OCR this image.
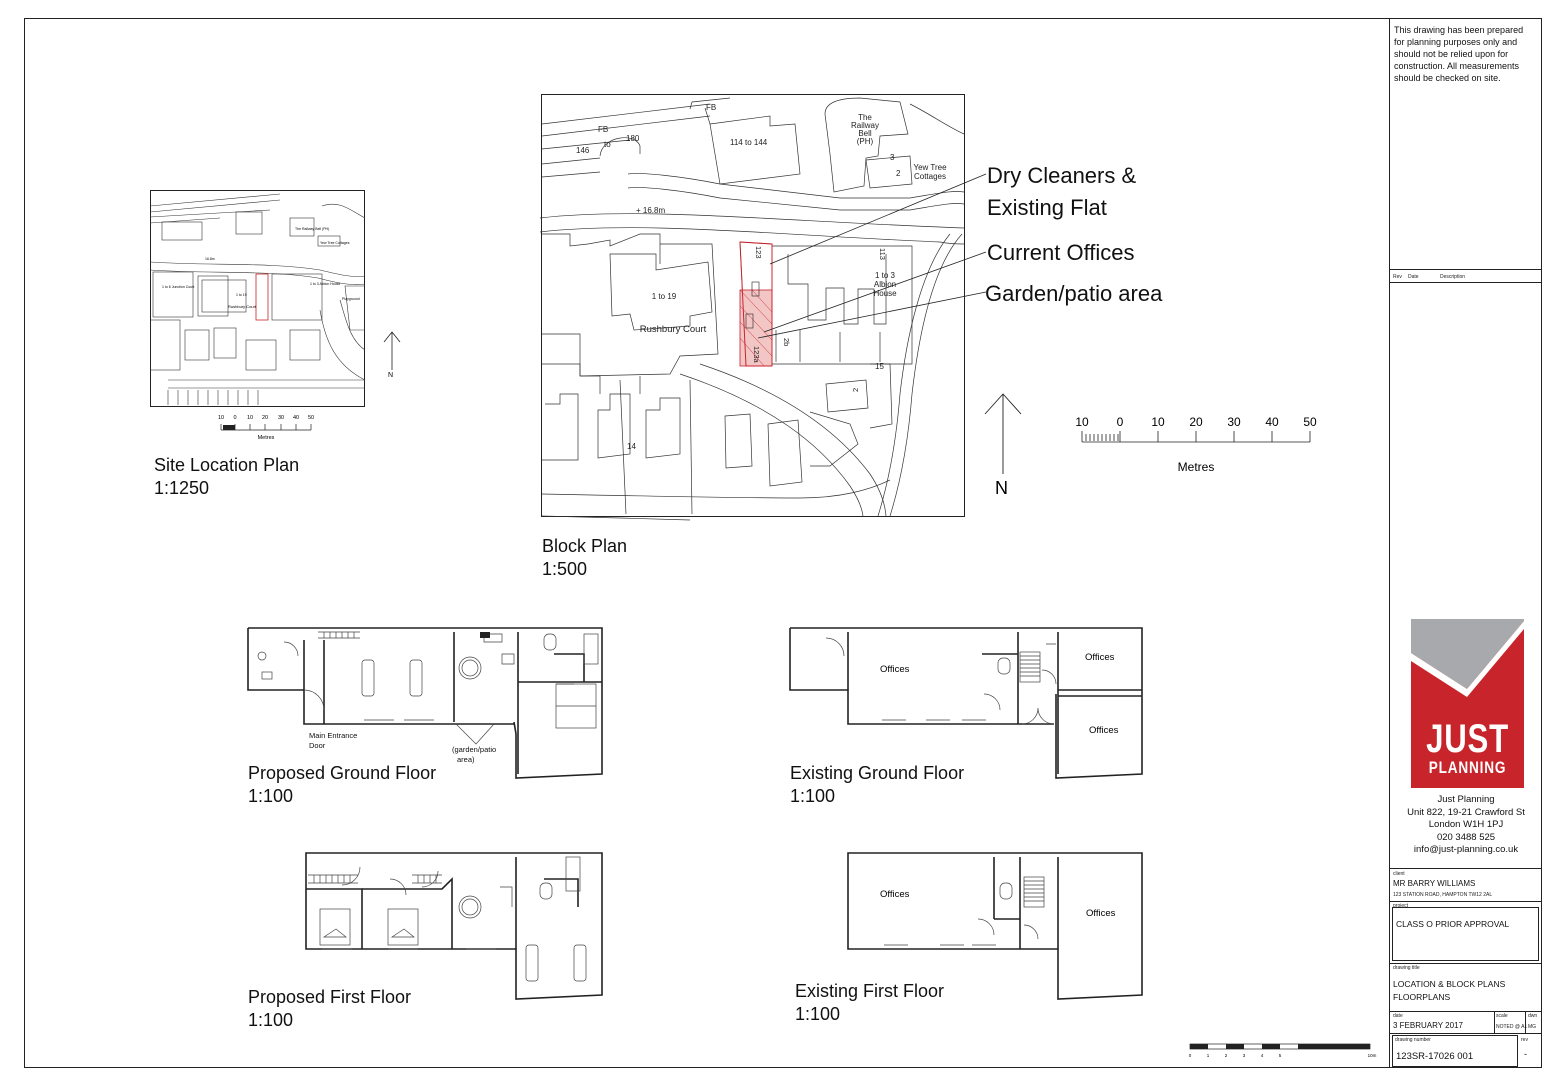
This drawing has been prepared for planning purposes only and should not be relied upon for construction. All measurements should be checked on site.
Rev Date	Description
JUST
PLANNING
Just Planning
Unit 822, 19-21 Crawford St
London W1H 1PJ
020 3488 525
info@just-planning.co.uk
client
MR BARRY WILLIAMS
123 STATION ROAD, HAMPTON TW12 2AL
project
CLASS O PRIOR APPROVAL
drawing title
LOCATION & BLOCK PLANS
FLOORPLANS
date
3 FEBRUARY 2017
scale
NOTED @ A1
dwn
MG
drawing number
123SR-17026 001
rev
-
Rushbury Court
1 to 3 Albion House
1 to 6 Junction Court
Playground
The Railway Bell (PH)
Yew Tree Cottages
16.8m
1 to 19
N
10 0 10 20 30 40 50
Metres
Site Location Plan
1:1250
FB
FB
146
to
180	114 to 144
The
Railway
Bell
(PH)
3
2
Yew Tree
Cottages
+ 16.8m
1 to 3
Albion
House
1 to 19
Rushbury Court
15
14
123	113
123a
2b
2
Dry Cleaners &
Existing Flat
Current Offices
Garden/patio area
N
10 0 10 20 30 40 50
Metres
Block Plan
1:500
Main Entrance
Door	(garden/patio
area)
Proposed Ground Floor
1:100
Offices
Offices
Offices
Existing Ground Floor
1:100
Proposed First Floor
1:100
Offices
Offices
Existing First Floor
1:100
0	1	2	3	4	5	10m
